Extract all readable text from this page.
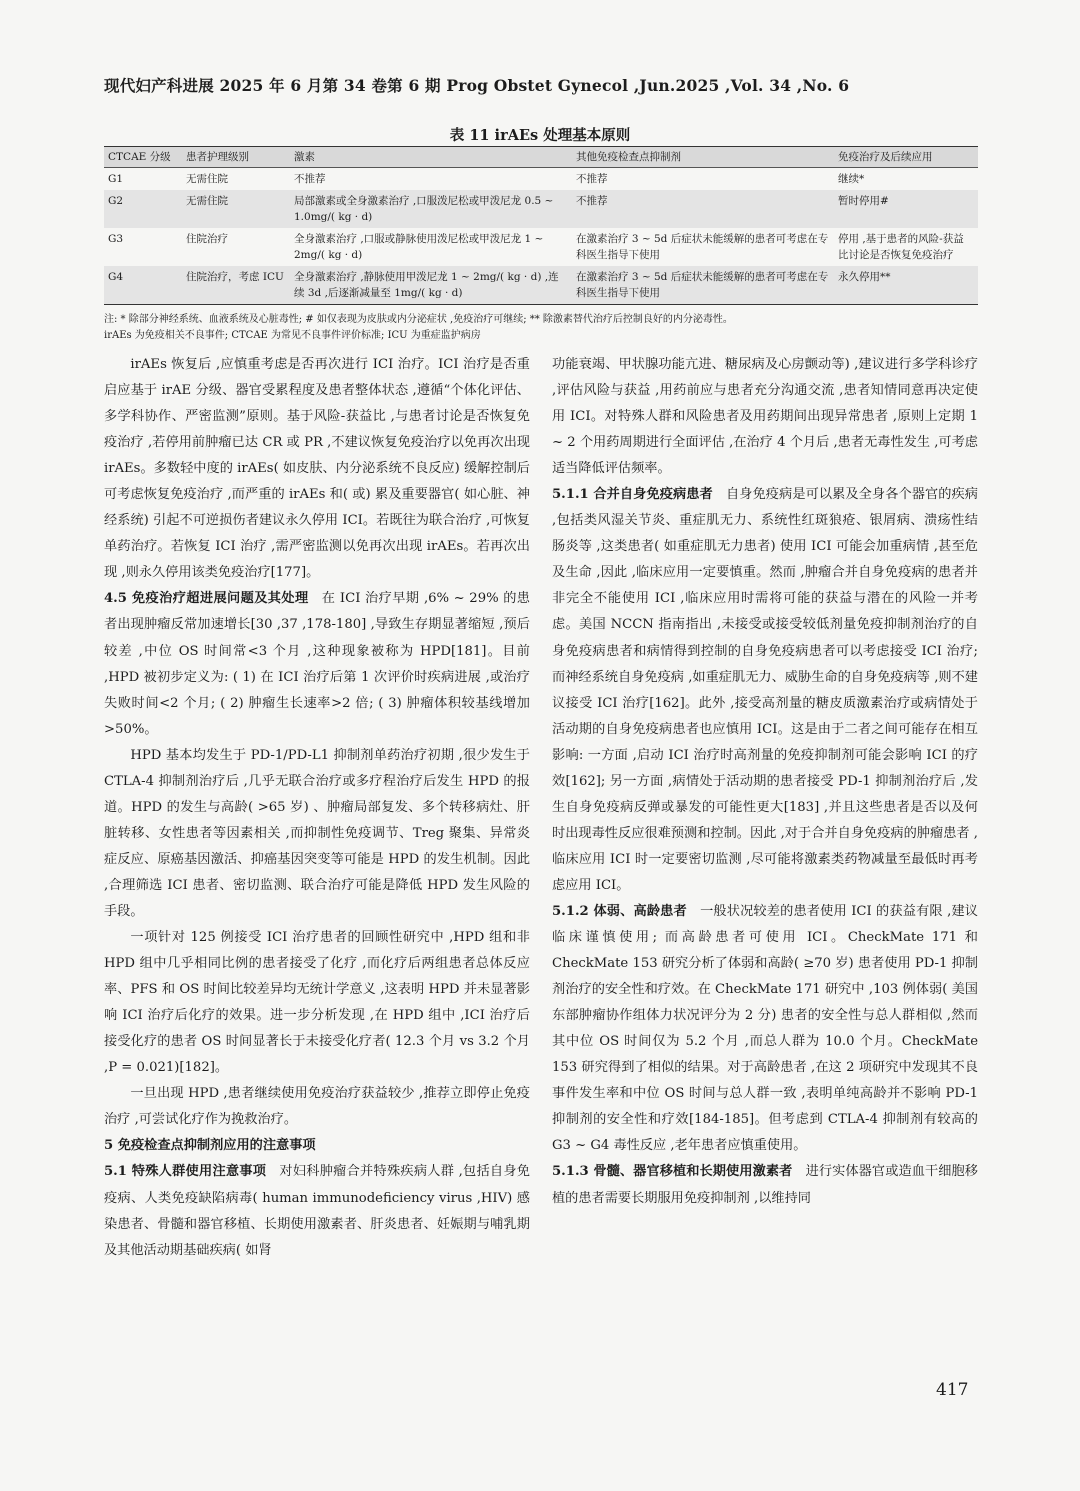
现代妇产科进展 2025 年 6 月第 34 卷第 6 期 Prog Obstet Gynecol ,Jun.2025 ,Vol. 34 ,No. 6
表 11 irAEs 处理基本原则
CTCAE 分级	患者护理级别	激素	其他免疫检查点抑制剂	免疫治疗及后续应用
G1	无需住院	不推荐	不推荐	继续*
G2	无需住院	局部激素或全身激素治疗 ,口服泼尼松或甲泼尼龙 0.5 ~ 1.0mg/( kg · d)	不推荐	暂时停用#
G3	住院治疗	全身激素治疗 ,口服或静脉使用泼尼松或甲泼尼龙 1 ~ 2mg/( kg · d)	在激素治疗 3 ~ 5d 后症状未能缓解的患者可考虑在专科医生指导下使用	停用 ,基于患者的风险-获益比讨论是否恢复免疫治疗
G4	住院治疗，考虑 ICU	全身激素治疗 ,静脉使用甲泼尼龙 1 ~ 2mg/( kg · d) ,连续 3d ,后逐渐减量至 1mg/( kg · d)	在激素治疗 3 ~ 5d 后症状未能缓解的患者可考虑在专科医生指导下使用	永久停用**
注: * 除部分神经系统、血液系统及心脏毒性; # 如仅表现为皮肤或内分泌症状 ,免疫治疗可继续; ** 除激素替代治疗后控制良好的内分泌毒性。
irAEs 为免疫相关不良事件; CTCAE 为常见不良事件评价标准; ICU 为重症监护病房

irAEs 恢复后 ,应慎重考虑是否再次进行 ICI 治疗。ICI 治疗是否重启应基于 irAE 分级、器官受累程度及患者整体状态 ,遵循“个体化评估、多学科协作、严密监测”原则。基于风险-获益比 ,与患者讨论是否恢复免疫治疗 ,若停用前肿瘤已达 CR 或 PR ,不建议恢复免疫治疗以免再次出现 irAEs。多数轻中度的 irAEs( 如皮肤、内分泌系统不良反应) 缓解控制后可考虑恢复免疫治疗 ,而严重的 irAEs 和( 或) 累及重要器官( 如心脏、神经系统) 引起不可逆损伤者建议永久停用 ICI。若既往为联合治疗 ,可恢复单药治疗。若恢复 ICI 治疗 ,需严密监测以免再次出现 irAEs。若再次出现 ,则永久停用该类免疫治疗[177]。

4.5 免疫治疗超进展问题及其处理 在 ICI 治疗早期 ,6% ~ 29% 的患者出现肿瘤反常加速增长[30 ,37 ,178-180] ,导致生存期显著缩短 ,预后较差 ,中位 OS 时间常<3 个月 ,这种现象被称为 HPD[181]。目前 ,HPD 被初步定义为: ( 1) 在 ICI 治疗后第 1 次评价时疾病进展 ,或治疗失败时间<2 个月; ( 2) 肿瘤生长速率>2 倍; ( 3) 肿瘤体积较基线增加>50%。

HPD 基本均发生于 PD-1/PD-L1 抑制剂单药治疗初期 ,很少发生于 CTLA-4 抑制剂治疗后 ,几乎无联合治疗或多疗程治疗后发生 HPD 的报道。HPD 的发生与高龄( >65 岁) 、肿瘤局部复发、多个转移病灶、肝脏转移、女性患者等因素相关 ,而抑制性免疫调节、Treg 聚集、异常炎症反应、原癌基因激活、抑癌基因突变等可能是 HPD 的发生机制。因此 ,合理筛选 ICI 患者、密切监测、联合治疗可能是降低 HPD 发生风险的手段。

一项针对 125 例接受 ICI 治疗患者的回顾性研究中 ,HPD 组和非 HPD 组中几乎相同比例的患者接受了化疗 ,而化疗后两组患者总体反应率、PFS 和 OS 时间比较差异均无统计学意义 ,这表明 HPD 并未显著影响 ICI 治疗后化疗的效果。进一步分析发现 ,在 HPD 组中 ,ICI 治疗后接受化疗的患者 OS 时间显著长于未接受化疗者( 12.3 个月 vs 3.2 个月 ,P = 0.021)[182]。

一旦出现 HPD ,患者继续使用免疫治疗获益较少 ,推荐立即停止免疫治疗 ,可尝试化疗作为挽救治疗。

5 免疫检查点抑制剂应用的注意事项

5.1 特殊人群使用注意事项 对妇科肿瘤合并特殊疾病人群 ,包括自身免疫病、人类免疫缺陷病毒( human immunodeficiency virus ,HIV) 感染患者、骨髓和器官移植、长期使用激素者、肝炎患者、妊娠期与哺乳期及其他活动期基础疾病( 如肾

功能衰竭、甲状腺功能亢进、糖尿病及心房颤动等) ,建议进行多学科诊疗 ,评估风险与获益 ,用药前应与患者充分沟通交流 ,患者知情同意再决定使用 ICI。对特殊人群和风险患者及用药期间出现异常患者 ,原则上定期 1 ~ 2 个用药周期进行全面评估 ,在治疗 4 个月后 ,患者无毒性发生 ,可考虑适当降低评估频率。

5.1.1 合并自身免疫病患者 自身免疫病是可以累及全身各个器官的疾病 ,包括类风湿关节炎、重症肌无力、系统性红斑狼疮、银屑病、溃疡性结肠炎等 ,这类患者( 如重症肌无力患者) 使用 ICI 可能会加重病情 ,甚至危及生命 ,因此 ,临床应用一定要慎重。然而 ,肿瘤合并自身免疫病的患者并非完全不能使用 ICI ,临床应用时需将可能的获益与潜在的风险一并考虑。美国 NCCN 指南指出 ,未接受或接受较低剂量免疫抑制剂治疗的自身免疫病患者和病情得到控制的自身免疫病患者可以考虑接受 ICI 治疗; 而神经系统自身免疫病 ,如重症肌无力、威胁生命的自身免疫病等 ,则不建议接受 ICI 治疗[162]。此外 ,接受高剂量的糖皮质激素治疗或病情处于活动期的自身免疫病患者也应慎用 ICI。这是由于二者之间可能存在相互影响: 一方面 ,启动 ICI 治疗时高剂量的免疫抑制剂可能会影响 ICI 的疗效[162]; 另一方面 ,病情处于活动期的患者接受 PD-1 抑制剂治疗后 ,发生自身免疫病反弹或暴发的可能性更大[183] ,并且这些患者是否以及何时出现毒性反应很难预测和控制。因此 ,对于合并自身免疫病的肿瘤患者 ,临床应用 ICI 时一定要密切监测 ,尽可能将激素类药物减量至最低时再考虑应用 ICI。

5.1.2 体弱、高龄患者 一般状况较差的患者使用 ICI 的获益有限 ,建议临床谨慎使用; 而高龄患者可使用 ICI。CheckMate 171 和 CheckMate 153 研究分析了体弱和高龄( ≥70 岁) 患者使用 PD-1 抑制剂治疗的安全性和疗效。在 CheckMate 171 研究中 ,103 例体弱( 美国东部肿瘤协作组体力状况评分为 2 分) 患者的安全性与总人群相似 ,然而其中位 OS 时间仅为 5.2 个月 ,而总人群为 10.0 个月。CheckMate 153 研究得到了相似的结果。对于高龄患者 ,在这 2 项研究中发现其不良事件发生率和中位 OS 时间与总人群一致 ,表明单纯高龄并不影响 PD-1 抑制剂的安全性和疗效[184-185]。但考虑到 CTLA-4 抑制剂有较高的 G3 ~ G4 毒性反应 ,老年患者应慎重使用。

5.1.3 骨髓、器官移植和长期使用激素者 进行实体器官或造血干细胞移植的患者需要长期服用免疫抑制剂 ,以维持同

417
